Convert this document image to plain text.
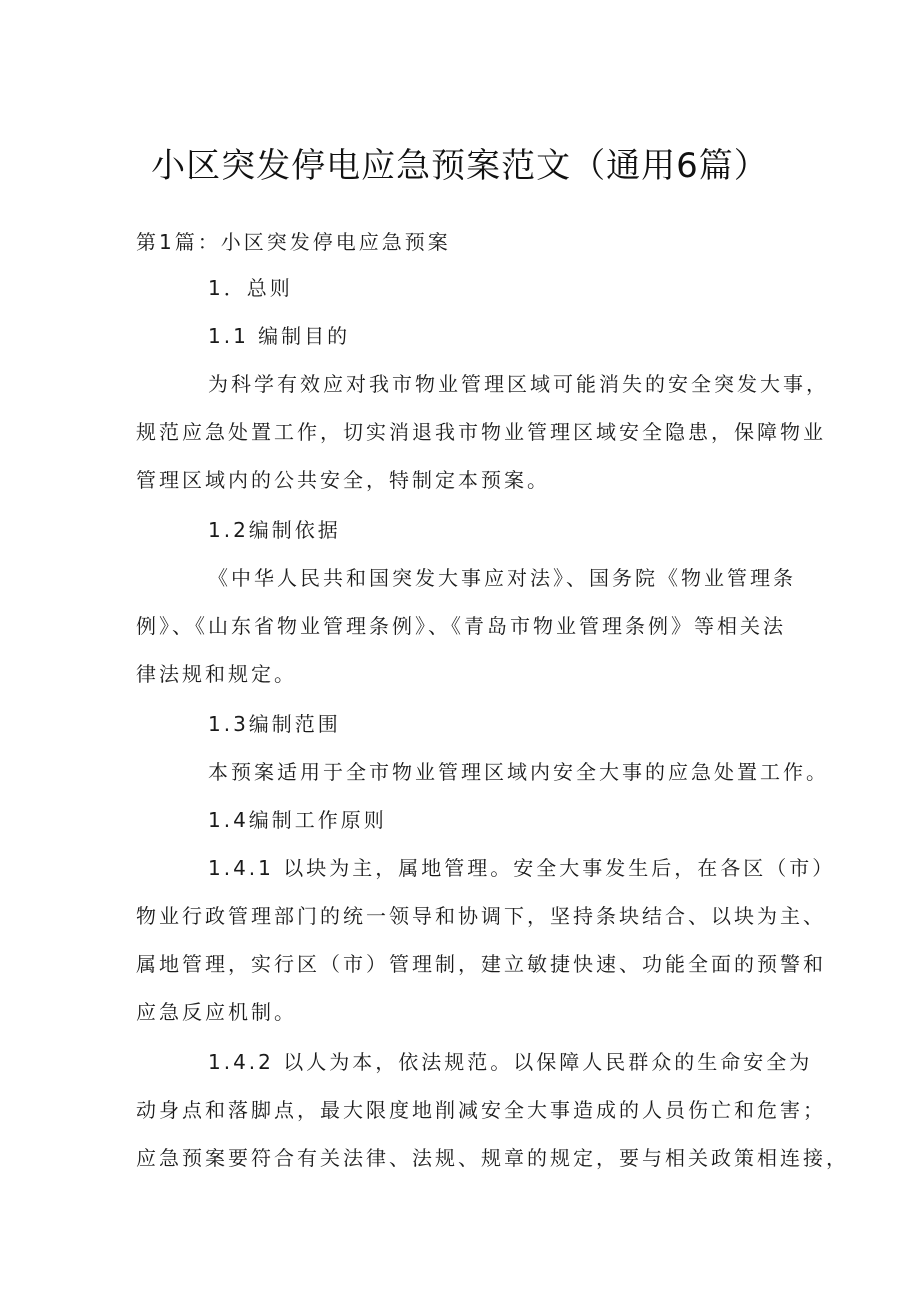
小区突发停电应急预案范文（通用6篇）
第1篇：小区突发停电应急预案
1．总则
1.1 编制目的
为科学有效应对我市物业管理区域可能消失的安全突发大事，
规范应急处置工作，切实消退我市物业管理区域安全隐患，保障物业
管理区域内的公共安全，特制定本预案。
1.2编制依据
《中华人民共和国突发大事应对法》、国务院《物业管理条
例》、《山东省物业管理条例》、《青岛市物业管理条例》等相关法
律法规和规定。
1.3编制范围
本预案适用于全市物业管理区域内安全大事的应急处置工作。
1.4编制工作原则
1.4.1 以块为主，属地管理。安全大事发生后，在各区（市）
物业行政管理部门的统一领导和协调下，坚持条块结合、以块为主、
属地管理，实行区（市）管理制，建立敏捷快速、功能全面的预警和
应急反应机制。
1.4.2 以人为本，依法规范。以保障人民群众的生命安全为
动身点和落脚点，最大限度地削减安全大事造成的人员伤亡和危害；
应急预案要符合有关法律、法规、规章的规定，要与相关政策相连接，
